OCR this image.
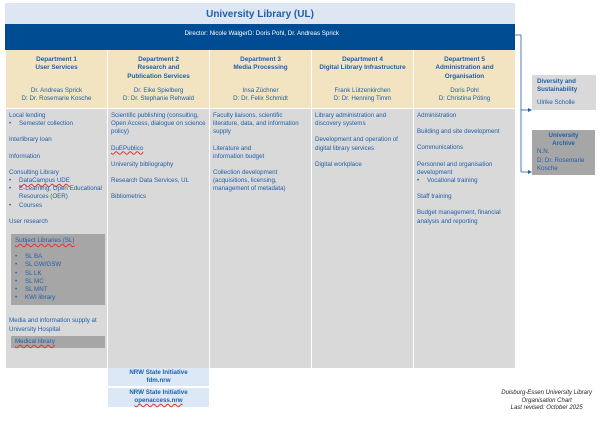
University Library (UL)
Director: Nicole WalgerD: Doris Pohl, Dr. Andreas Sprick
Department 1
User Services
Dr. Andreas Sprick
D: Dr. Rosemarie Kosche
Department 2
Research and Publication Services
Dr. Eike Spielberg
D: Dr. Stephanie Rehwald
Department 3
Media Processing
Insa Züchner
D: Dr. Felix Schmidt
Department 4
Digital Library Infrastructure
Frank Lützenkirchen
D: Dr. Henning Timm
Department 5
Administration and Organisation
Doris Pohl
D: Christina Pöting
Local lending
• Semester collection
Interlibrary loan
Information
Consulting Library
• DataCampus UDE
• E-Learning, Open Educational Resources (OER)
• Courses
User research
Subject Libraries (SL)
• SL BA
• SL GW/GSW
• SL LK
• SL MC
• SL MNT
• KWI library
Media and information supply at University Hospital
Medical library
Scientific publishing (consulting, Open Access, dialogue on science policy)
DuEPublico
University bibliography
Research Data Services, UL
Bibliometrics
Faculty liaisons, scientific literature, data, and information supply
Literature and information budget
Collection development (acquisitions, licensing, management of metadata)
Library administration and discovery systems
Development and operation of digital library services
Digital workplace
Administration
Building and site development
Communications
Personnel and organisation development
• Vocational training
Staff training
Budget management, financial analysis and reporting
Diversity and Sustainability
Ulrike Scholle
University Archive
N.N.
D: Dr. Rosemarie Kosche
NRW State Initiative
fdm.nrw
NRW State Initiative
openaccess.nrw
Duisburg-Essen University Library
Organisation Chart
Last revised: October 2025
